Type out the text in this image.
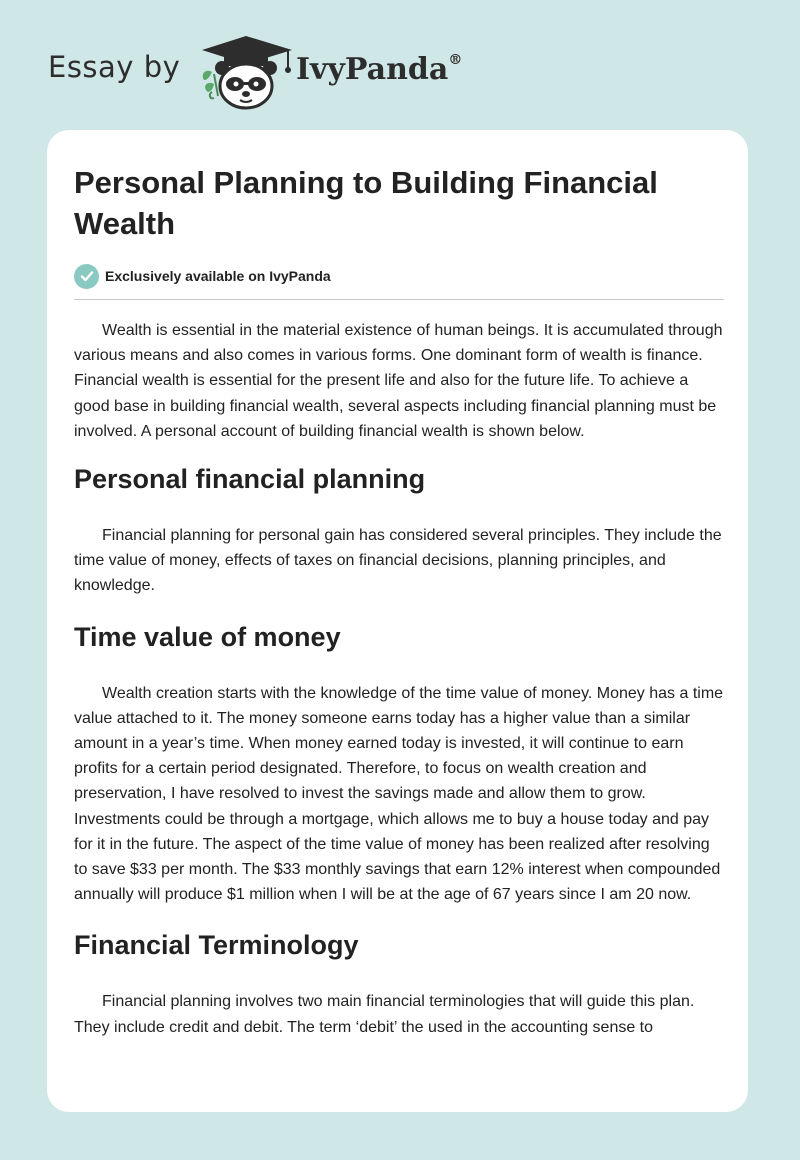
Essay by	IvyPanda®
Personal Planning to Building Financial Wealth
Exclusively available on IvyPanda

Wealth is essential in the material existence of human beings. It is accumulated through various means and also comes in various forms. One dominant form of wealth is finance. Financial wealth is essential for the present life and also for the future life. To achieve a good base in building financial wealth, several aspects including financial planning must be involved. A personal account of building financial wealth is shown below.

Personal financial planning

Financial planning for personal gain has considered several principles. They include the time value of money, effects of taxes on financial decisions, planning principles, and knowledge.

Time value of money

Wealth creation starts with the knowledge of the time value of money. Money has a time value attached to it. The money someone earns today has a higher value than a similar amount in a year’s time. When money earned today is invested, it will continue to earn profits for a certain period designated. Therefore, to focus on wealth creation and preservation, I have resolved to invest the savings made and allow them to grow. Investments could be through a mortgage, which allows me to buy a house today and pay for it in the future. The aspect of the time value of money has been realized after resolving to save $33 per month. The $33 monthly savings that earn 12% interest when compounded annually will produce $1 million when I will be at the age of 67 years since I am 20 now.

Financial Terminology

Financial planning involves two main financial terminologies that will guide this plan. They include credit and debit. The term ‘debit’ the used in the accounting sense to
